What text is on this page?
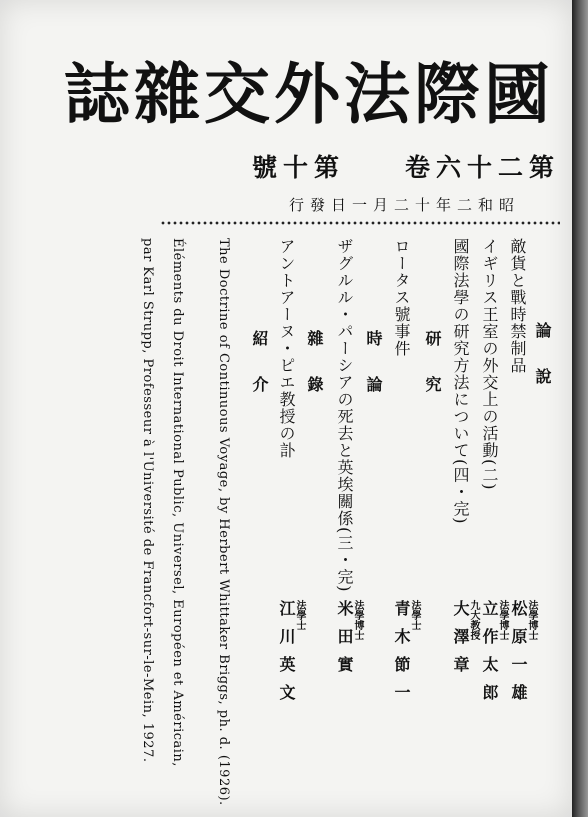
國際法外交雜誌
第二十六卷第十號
昭和二年十二月一日發行
論說
敵貨と戰時禁制品
イギリス王室の外交上の活動(二)
國際法學の研究方法について(四・完)
研究
ロータス號事件
時論
ザグルル・パーシアの死去と英埃關係(三・完)
雜錄
アントアーヌ・ピエ教授の訃
紹介
The Doctrine of Continuous Voyage, by Herbert Whittaker Briggs, ph. d. (1926).
Éléments du Droit International Public, Universel, Européen et Américain, par Karl Strupp, Professeur à l'Université de Francfort-sur-le-Mein, 1927.	法學博士
松原一雄
法學博士
立作太郎
九大教授
大澤章
法學士
青木節一
法學博士
米田實
法學士
江川英文
